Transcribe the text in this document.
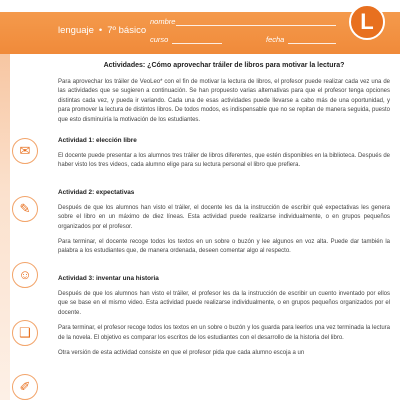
lenguaje • 7º básico
nombre
curso	fecha
L
✉
✎
☺
❑
✐
Actividades: ¿Cómo aprovechar tráiler de libros para motivar la lectura?

Para aprovechar los tráiler de VeoLeo* con el fin de motivar la lectura de libros, el profesor puede realizar cada vez una de las actividades que se sugieren a continuación. Se han propuesto varias alternativas para que el profesor tenga opciones distintas cada vez, y pueda ir variando. Cada una de esas actividades puede llevarse a cabo más de una oportunidad, y para promover la lectura de distintos libros. De todos modos, es indispensable que no se repitan de manera seguida, puesto que esto disminuiría la motivación de los estudiantes.

Actividad 1: elección libre

El docente puede presentar a los alumnos tres tráiler de libros diferentes, que estén disponibles en la biblioteca. Después de haber visto los tres videos, cada alumno elige para su lectura personal el libro que prefiera.

Actividad 2: expectativas

Después de que los alumnos han visto el tráiler, el docente les da la instrucción de escribir qué expectativas les genera sobre el libro en un máximo de diez líneas. Esta actividad puede realizarse individualmente, o en grupos pequeños organizados por el profesor.

Para terminar, el docente recoge todos los textos en un sobre o buzón y lee algunos en voz alta. Puede dar también la palabra a los estudiantes que, de manera ordenada, deseen comentar algo al respecto.

Actividad 3: inventar una historia

Después de que los alumnos han visto el tráiler, el profesor les da la instrucción de escribir un cuento inventado por ellos que se base en el mismo video. Esta actividad puede realizarse individualmente, o en grupos pequeños organizados por el docente.

Para terminar, el profesor recoge todos los textos en un sobre o buzón y los guarda para leerlos una vez terminada la lectura de la novela. El objetivo es comparar los escritos de los estudiantes con el desarrollo de la historia del libro.

Otra versión de esta actividad consiste en que el profesor pida que cada alumno escoja a un
